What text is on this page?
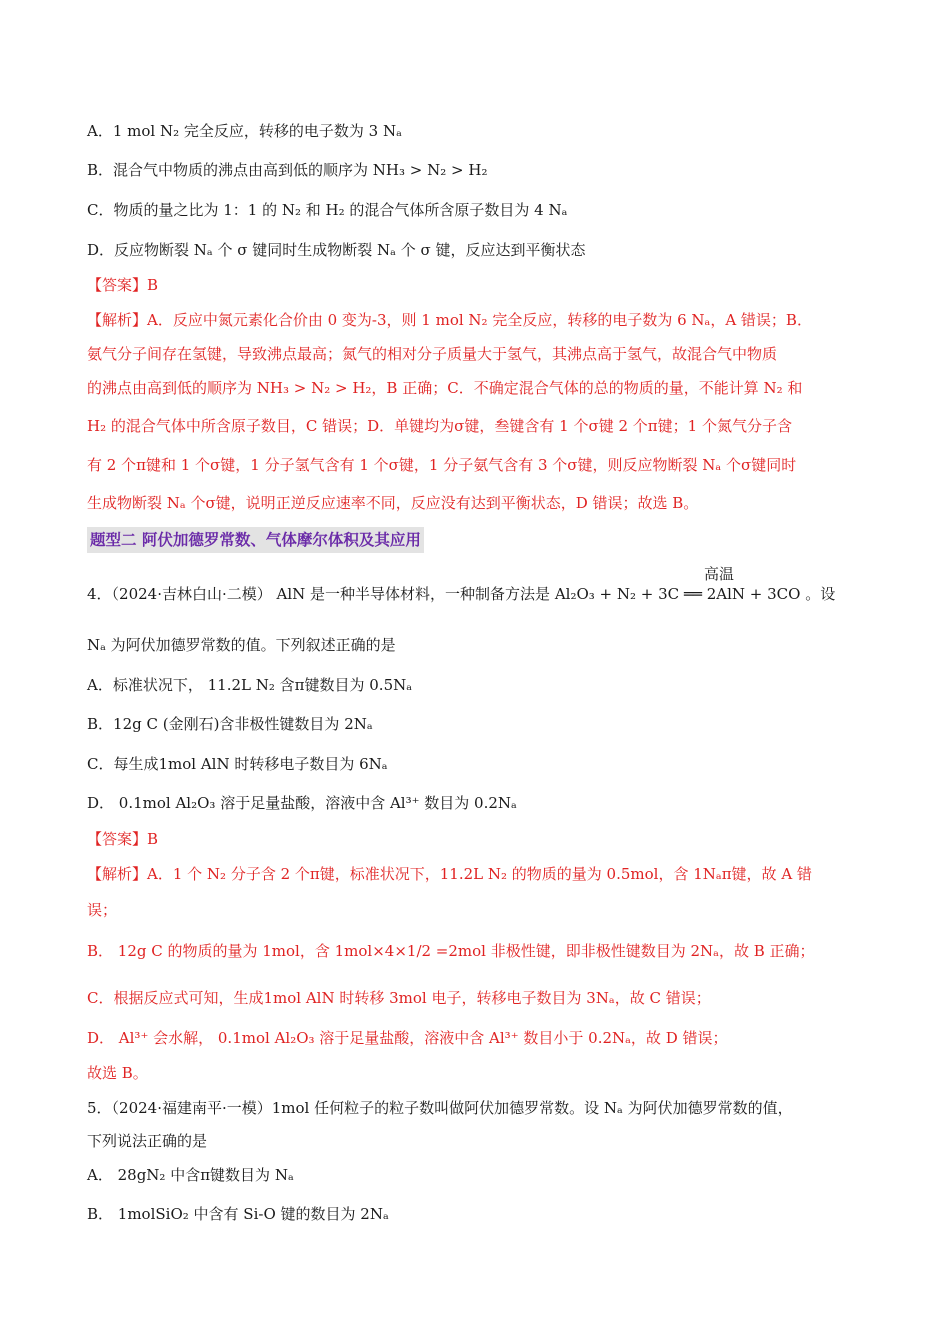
A．1 mol N₂ 完全反应，转移的电子数为 3 Nₐ
B．混合气中物质的沸点由高到低的顺序为 NH₃ > N₂ > H₂
C．物质的量之比为 1：1 的 N₂ 和 H₂ 的混合气体所含原子数目为 4 Nₐ
D．反应物断裂 Nₐ 个 σ 键同时生成物断裂 Nₐ 个 σ 键，反应达到平衡状态
【答案】B
【解析】A．反应中氮元素化合价由 0 变为-3，则 1 mol N₂ 完全反应，转移的电子数为 6 Nₐ，A 错误；B．
氨气分子间存在氢键，导致沸点最高；氮气的相对分子质量大于氢气，其沸点高于氢气，故混合气中物质
的沸点由高到低的顺序为 NH₃ > N₂ > H₂，B 正确；C．不确定混合气体的总的物质的量，不能计算 N₂ 和
H₂ 的混合气体中所含原子数目，C 错误；D．单键均为σ键，叁键含有 1 个σ键 2 个π键；1 个氮气分子含
有 2 个π键和 1 个σ键，1 分子氢气含有 1 个σ键，1 分子氨气含有 3 个σ键，则反应物断裂 Nₐ 个σ键同时
生成物断裂 Nₐ 个σ键，说明正逆反应速率不同，反应没有达到平衡状态，D 错误；故选 B。
题型二 阿伏加德罗常数、气体摩尔体积及其应用
高温
4．（2024·吉林白山·二模） AlN 是一种半导体材料，一种制备方法是 Al₂O₃ + N₂ + 3C ══ 2AlN + 3CO 。设
Nₐ 为阿伏加德罗常数的值。下列叙述正确的是
A．标准状况下， 11.2L N₂ 含π键数目为 0.5Nₐ
B．12g C (金刚石)含非极性键数目为 2Nₐ
C．每生成1mol AlN 时转移电子数目为 6Nₐ
D． 0.1mol Al₂O₃ 溶于足量盐酸，溶液中含 Al³⁺ 数目为 0.2Nₐ
【答案】B
【解析】A．1 个 N₂ 分子含 2 个π键，标准状况下，11.2L N₂ 的物质的量为 0.5mol，含 1Nₐπ键，故 A 错
误；
B． 12g C 的物质的量为 1mol，含 1mol×4×1/2 =2mol 非极性键，即非极性键数目为 2Nₐ，故 B 正确；
C．根据反应式可知，生成1mol AlN 时转移 3mol 电子，转移电子数目为 3Nₐ，故 C 错误；
D． Al³⁺ 会水解， 0.1mol Al₂O₃ 溶于足量盐酸，溶液中含 Al³⁺ 数目小于 0.2Nₐ，故 D 错误；
故选 B。
5．（2024·福建南平·一模）1mol 任何粒子的粒子数叫做阿伏加德罗常数。设 Nₐ 为阿伏加德罗常数的值，
下列说法正确的是
A． 28gN₂ 中含π键数目为 Nₐ
B． 1molSiO₂ 中含有 Si-O 键的数目为 2Nₐ
